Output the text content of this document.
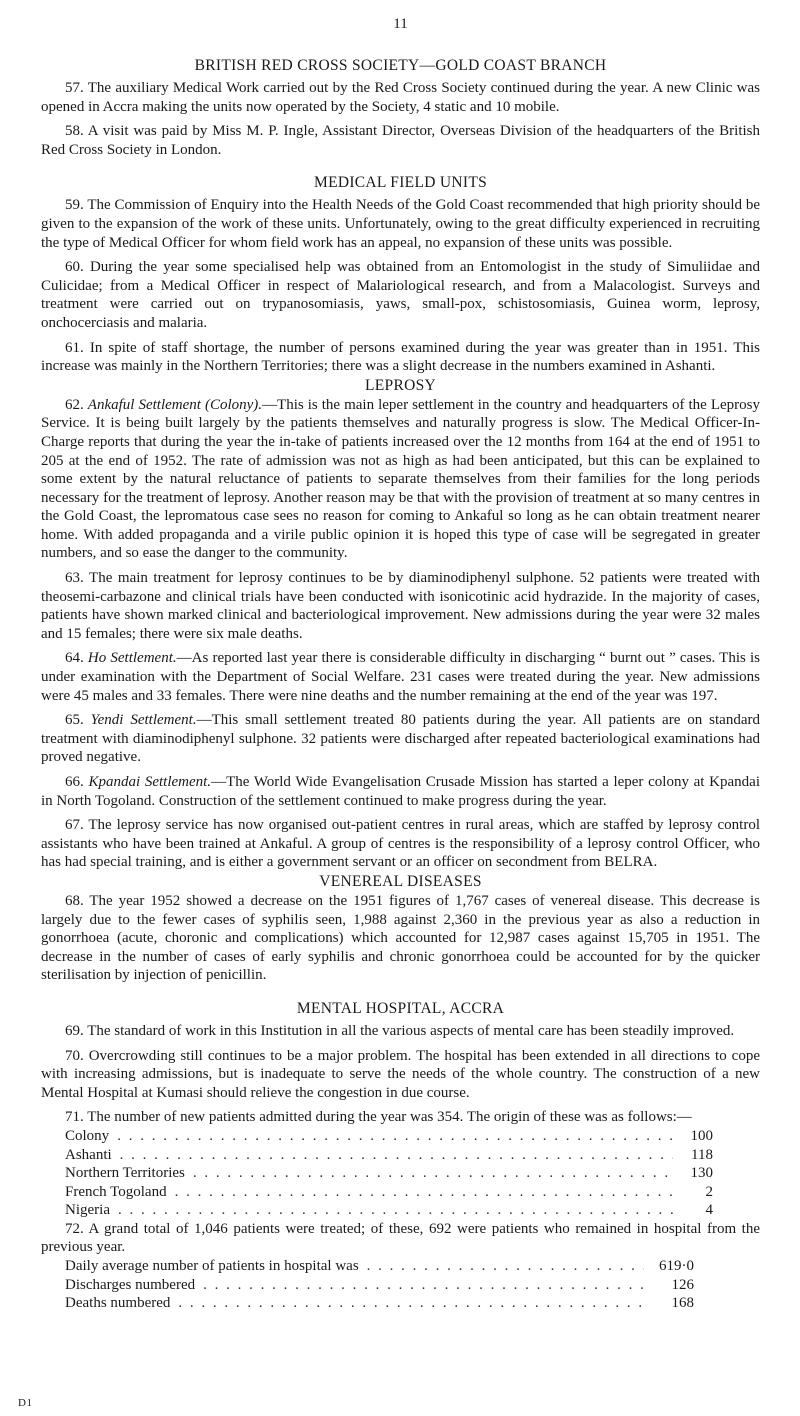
11
BRITISH RED CROSS SOCIETY—GOLD COAST BRANCH

57. The auxiliary Medical Work carried out by the Red Cross Society continued during the year. A new Clinic was opened in Accra making the units now operated by the Society, 4 static and 10 mobile.

58. A visit was paid by Miss M. P. Ingle, Assistant Director, Overseas Division of the headquarters of the British Red Cross Society in London.

MEDICAL FIELD UNITS

59. The Commission of Enquiry into the Health Needs of the Gold Coast recommended that high priority should be given to the expansion of the work of these units. Unfortunately, owing to the great difficulty experienced in recruiting the type of Medical Officer for whom field work has an appeal, no expansion of these units was possible.

60. During the year some specialised help was obtained from an Entomologist in the study of Simuliidae and Culicidae; from a Medical Officer in respect of Malariological research, and from a Malacologist. Surveys and treatment were carried out on trypanosomiasis, yaws, small-pox, schistosomiasis, Guinea worm, leprosy, onchocerciasis and malaria.

61. In spite of staff shortage, the number of persons examined during the year was greater than in 1951. This increase was mainly in the Northern Territories; there was a slight decrease in the numbers examined in Ashanti.

LEPROSY

62. Ankaful Settlement (Colony).—This is the main leper settlement in the country and headquarters of the Leprosy Service. It is being built largely by the patients themselves and naturally progress is slow. The Medical Officer-In-Charge reports that during the year the in-take of patients increased over the 12 months from 164 at the end of 1951 to 205 at the end of 1952. The rate of admission was not as high as had been anticipated, but this can be explained to some extent by the natural reluctance of patients to separate themselves from their families for the long periods necessary for the treatment of leprosy. Another reason may be that with the provision of treatment at so many centres in the Gold Coast, the lepromatous case sees no reason for coming to Ankaful so long as he can obtain treatment nearer home. With added propaganda and a virile public opinion it is hoped this type of case will be segregated in greater numbers, and so ease the danger to the community.

63. The main treatment for leprosy continues to be by diaminodiphenyl sulphone. 52 patients were treated with theosemi-carbazone and clinical trials have been conducted with isonicotinic acid hydrazide. In the majority of cases, patients have shown marked clinical and bacteriological improvement. New admissions during the year were 32 males and 15 females; there were six male deaths.

64. Ho Settlement.—As reported last year there is considerable difficulty in discharging “ burnt out ” cases. This is under examination with the Department of Social Welfare. 231 cases were treated during the year. New admissions were 45 males and 33 females. There were nine deaths and the number remaining at the end of the year was 197.

65. Yendi Settlement.—This small settlement treated 80 patients during the year. All patients are on standard treatment with diaminodiphenyl sulphone. 32 patients were discharged after repeated bacteriological examinations had proved negative.

66. Kpandai Settlement.—The World Wide Evangelisation Crusade Mission has started a leper colony at Kpandai in North Togoland. Construction of the settlement continued to make progress during the year.

67. The leprosy service has now organised out-patient centres in rural areas, which are staffed by leprosy control assistants who have been trained at Ankaful. A group of centres is the responsibility of a leprosy control Officer, who has had special training, and is either a government servant or an officer on secondment from BELRA.

VENEREAL DISEASES

68. The year 1952 showed a decrease on the 1951 figures of 1,767 cases of venereal disease. This decrease is largely due to the fewer cases of syphilis seen, 1,988 against 2,360 in the previous year as also a reduction in gonorrhoea (acute, choronic and complications) which accounted for 12,987 cases against 15,705 in 1951. The decrease in the number of cases of early syphilis and chronic gonorrhoea could be accounted for by the quicker sterilisation by injection of penicillin.

MENTAL HOSPITAL, ACCRA

69. The standard of work in this Institution in all the various aspects of mental care has been steadily improved.

70. Overcrowding still continues to be a major problem. The hospital has been extended in all directions to cope with increasing admissions, but is inadequate to serve the needs of the whole country. The construction of a new Mental Hospital at Kumasi should relieve the congestion in due course.

71. The number of new patients admitted during the year was 354. The origin of these was as follows:—

Colony . . .	100
Ashanti . . .	118
Northern Territories . . .	130
French Togoland . . .	2
Nigeria . . .	4

72. A grand total of 1,046 patients were treated; of these, 692 were patients who remained in hospital from the previous year.

Daily average number of patients in hospital was . . .	619·0
Discharges numbered . . .	126
Deaths numbered . . .	168
D1
